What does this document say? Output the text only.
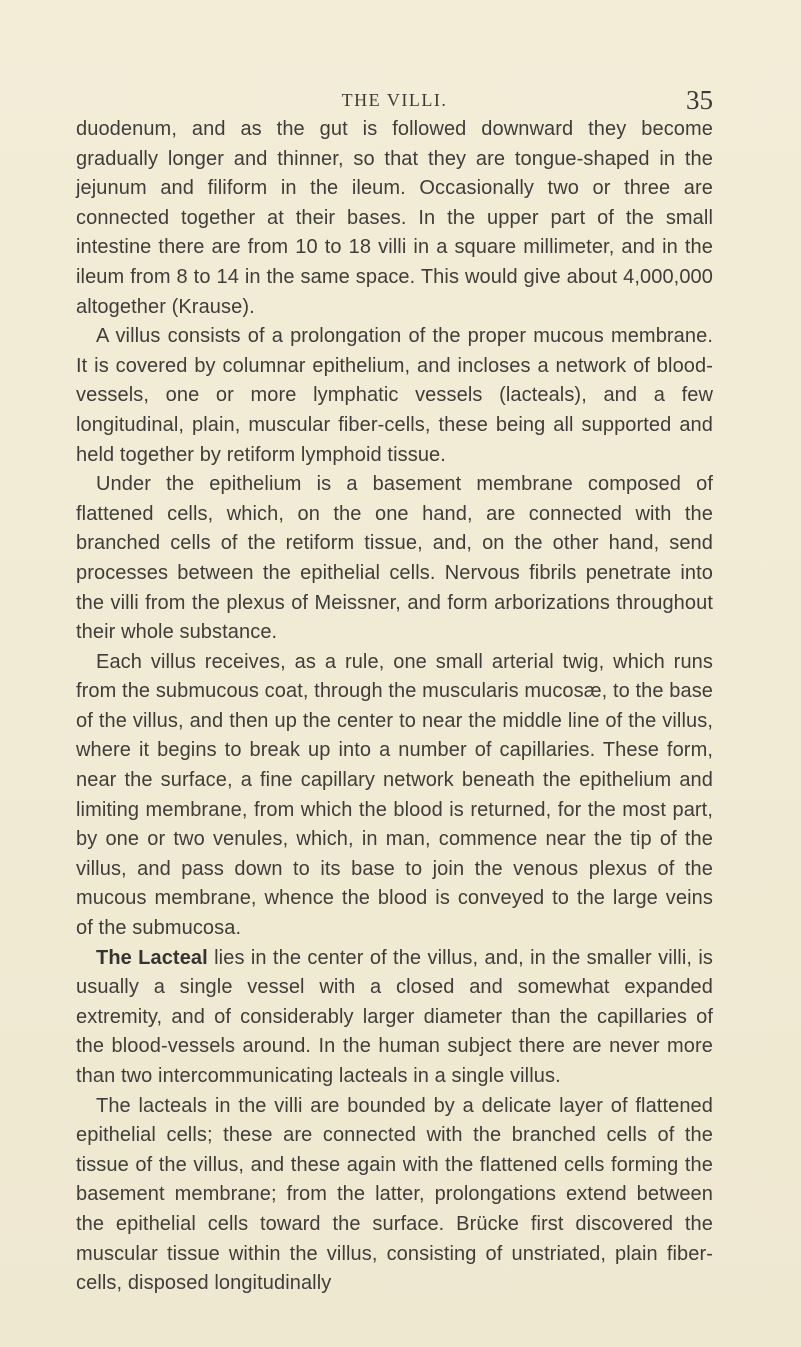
THE VILLI.	35

duodenum, and as the gut is followed downward they become gradually longer and thinner, so that they are tongue-shaped in the jejunum and filiform in the ileum. Occasionally two or three are connected together at their bases. In the upper part of the small intestine there are from 10 to 18 villi in a square millimeter, and in the ileum from 8 to 14 in the same space. This would give about 4,000,000 altogether (Krause).

A villus consists of a prolongation of the proper mucous membrane. It is covered by columnar epithelium, and incloses a network of blood-vessels, one or more lymphatic vessels (lacteals), and a few longitudinal, plain, muscular fiber-cells, these being all supported and held together by retiform lymphoid tissue.

Under the epithelium is a basement membrane composed of flattened cells, which, on the one hand, are connected with the branched cells of the retiform tissue, and, on the other hand, send processes between the epithelial cells. Nervous fibrils penetrate into the villi from the plexus of Meissner, and form arborizations throughout their whole substance.

Each villus receives, as a rule, one small arterial twig, which runs from the submucous coat, through the muscularis mucosæ, to the base of the villus, and then up the center to near the middle line of the villus, where it begins to break up into a number of capillaries. These form, near the surface, a fine capillary network beneath the epithelium and limiting membrane, from which the blood is returned, for the most part, by one or two venules, which, in man, commence near the tip of the villus, and pass down to its base to join the venous plexus of the mucous membrane, whence the blood is conveyed to the large veins of the submucosa.

The Lacteal lies in the center of the villus, and, in the smaller villi, is usually a single vessel with a closed and somewhat expanded extremity, and of considerably larger diameter than the capillaries of the blood-vessels around. In the human subject there are never more than two intercommunicating lacteals in a single villus.

The lacteals in the villi are bounded by a delicate layer of flattened epithelial cells; these are connected with the branched cells of the tissue of the villus, and these again with the flattened cells forming the basement membrane; from the latter, prolongations extend between the epithelial cells toward the surface. Brücke first discovered the muscular tissue within the villus, consisting of unstriated, plain fiber-cells, disposed longitudinally
